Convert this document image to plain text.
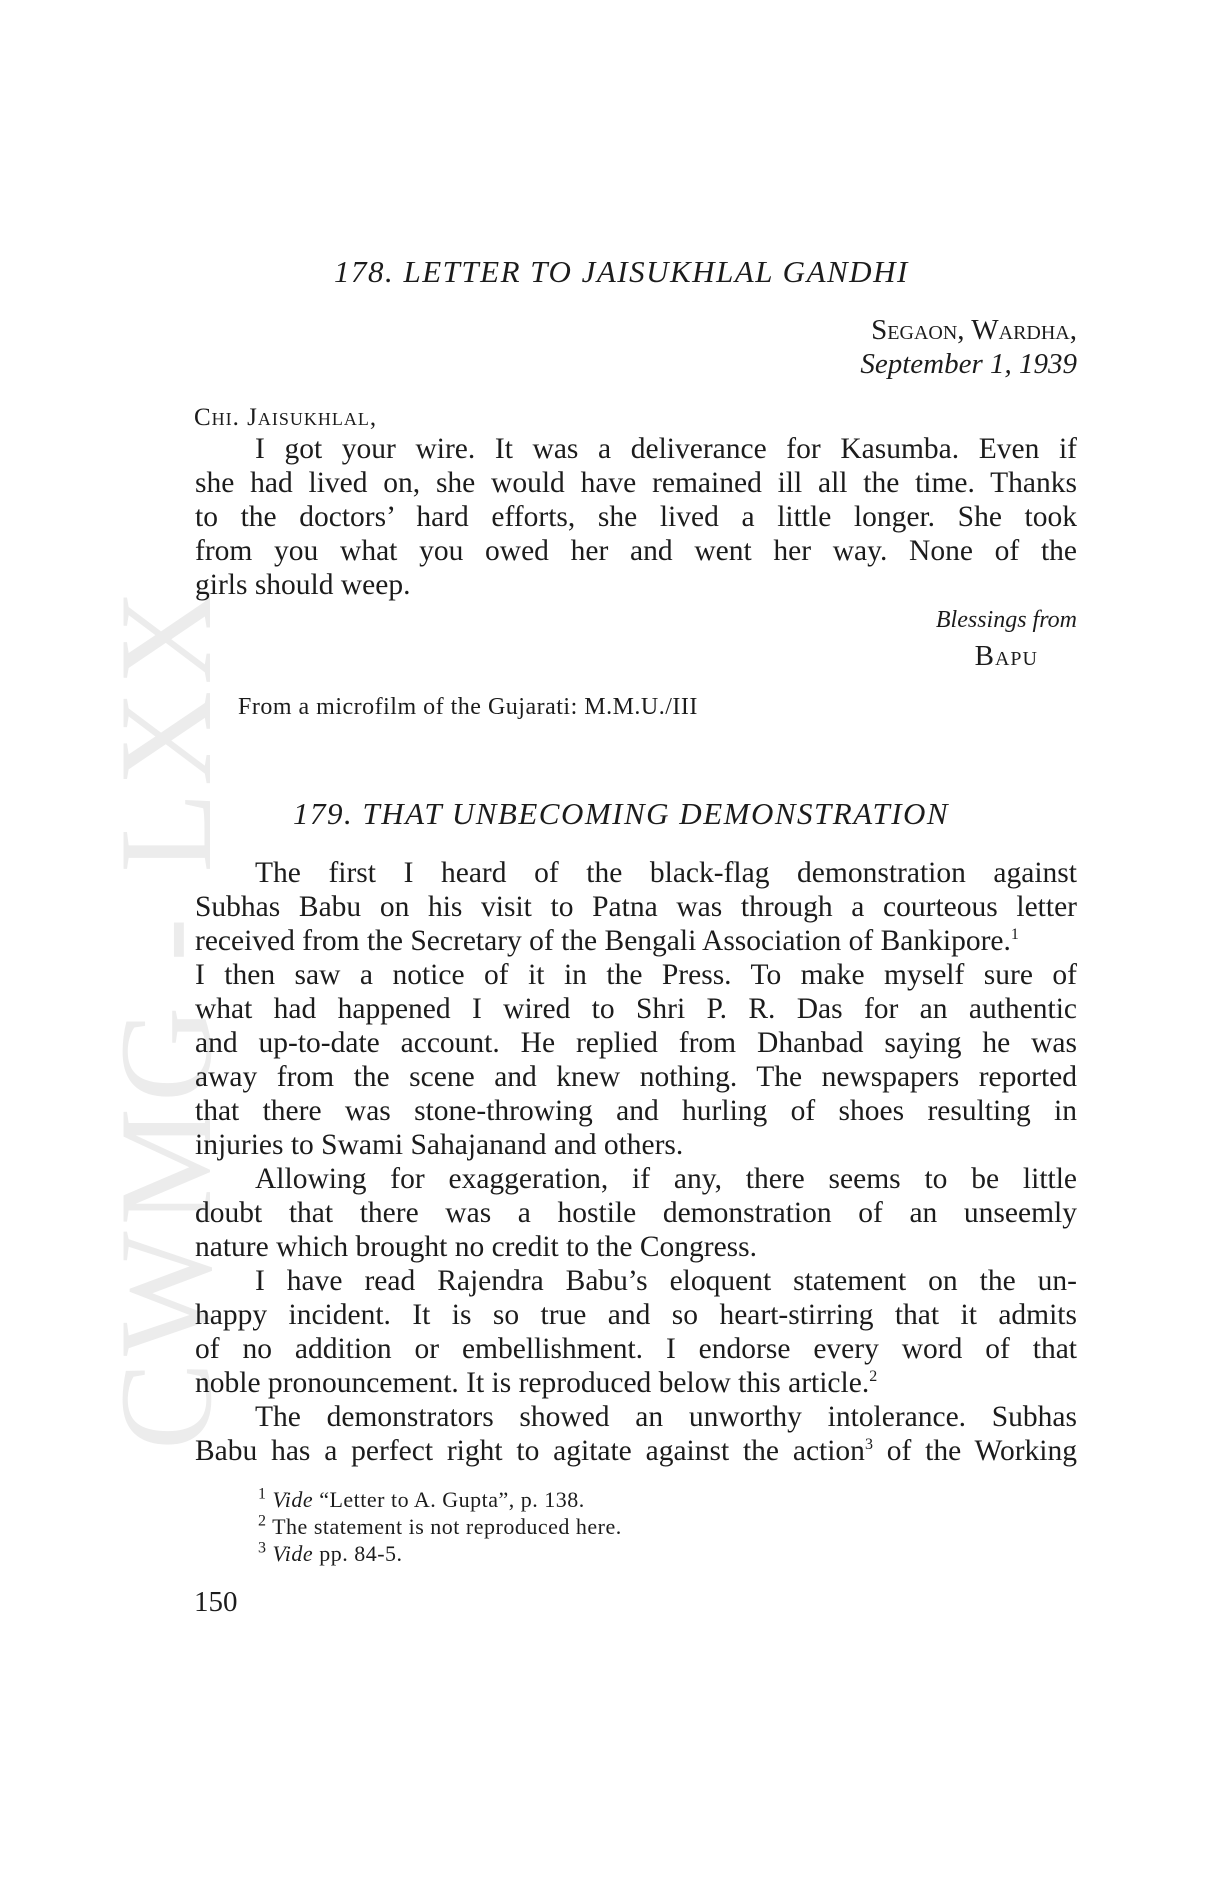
CWMG - LXX

178. LETTER TO JAISUKHLAL GANDHI

Segaon, Wardha,

September 1, 1939

Chi. Jaisukhlal,

I got your wire. It was a deliverance for Kasumba. Even if

she had lived on, she would have remained ill all the time. Thanks

to the doctors’ hard efforts, she lived a little longer. She took

from you what you owed her and went her way. None of the

girls should weep.

Blessings from

Bapu

From a microfilm of the Gujarati: M.M.U./III

179. THAT UNBECOMING DEMONSTRATION

The first I heard of the black-flag demonstration against

Subhas Babu on his visit to Patna was through a courteous letter

received from the Secretary of the Bengali Association of Bankipore.$^1$

I then saw a notice of it in the Press. To make myself sure of

what had happened I wired to Shri P. R. Das for an authentic

and up-to-date account. He replied from Dhanbad saying he was

away from the scene and knew nothing. The newspapers reported

that there was stone-throwing and hurling of shoes resulting in

injuries to Swami Sahajanand and others.

Allowing for exaggeration, if any, there seems to be little

doubt that there was a hostile demonstration of an unseemly

nature which brought no credit to the Congress.

I have read Rajendra Babu’s eloquent statement on the un-

happy incident. It is so true and so heart-stirring that it admits

of no addition or embellishment. I endorse every word of that

noble pronouncement. It is reproduced below this article.$^2$

The demonstrators showed an unworthy intolerance. Subhas

Babu has a perfect right to agitate against the action$^3$ of the Working

$^1$ Vide “Letter to A. Gupta”, p. 138.

$^2$ The statement is not reproduced here.

$^3$ Vide pp. 84-5.

150
